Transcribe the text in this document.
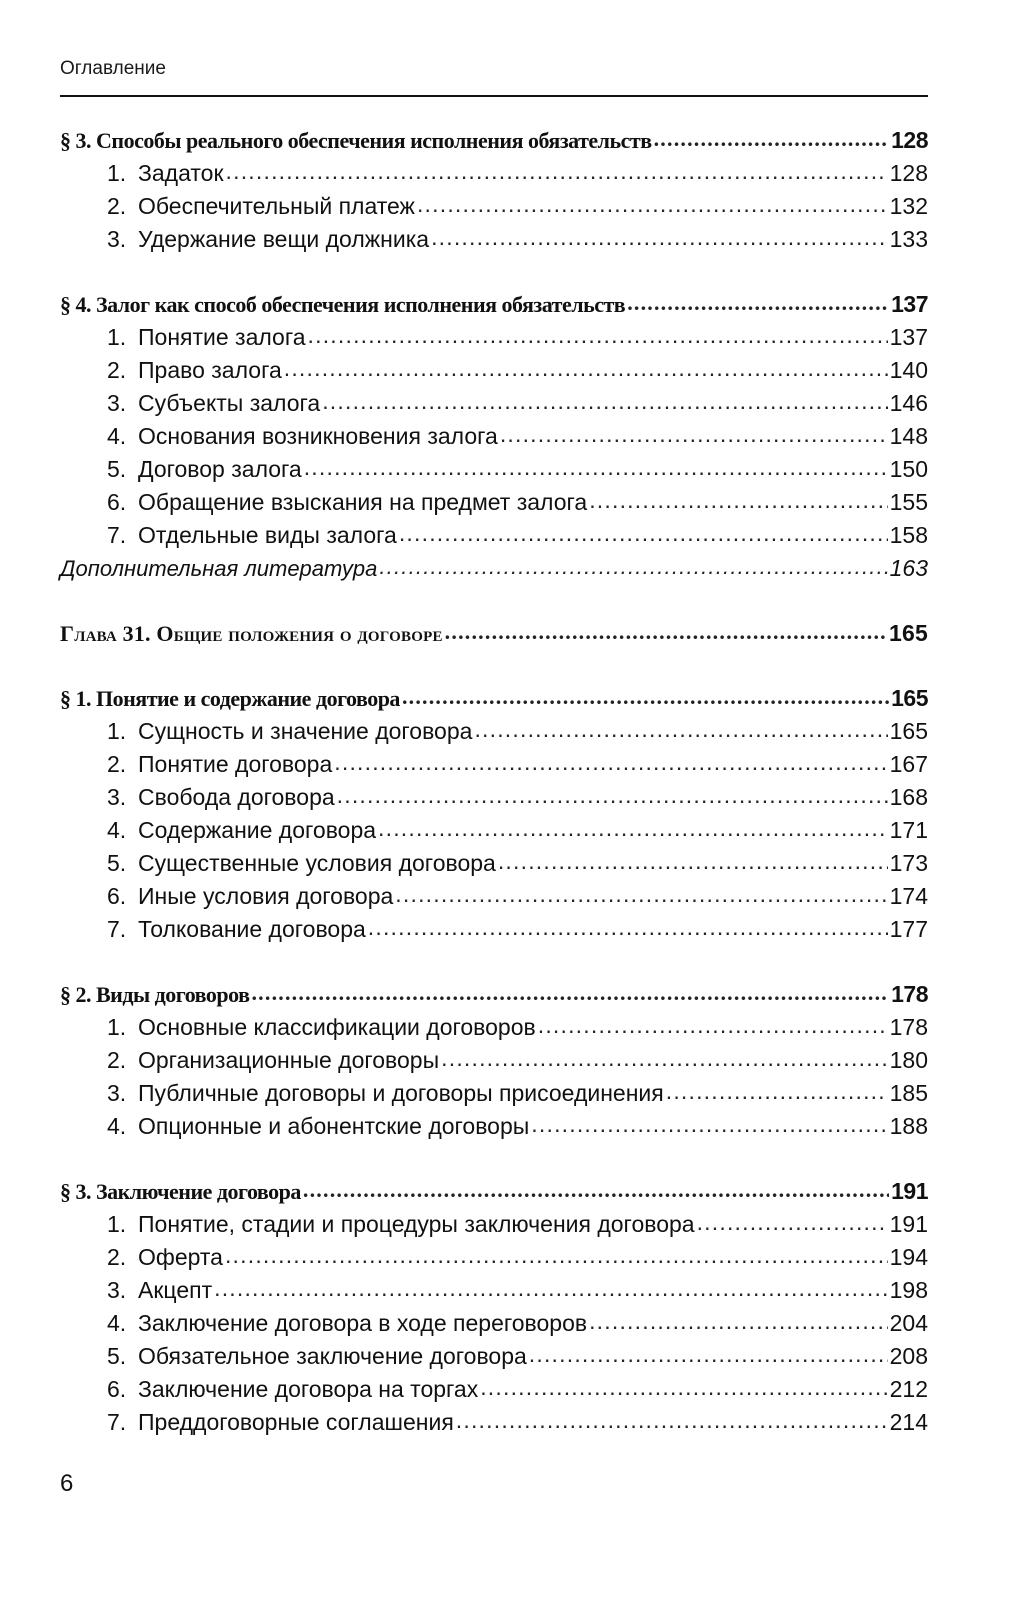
Оглавление
§ 3. Способы реального обеспечения исполнения обязательств .....	128
1. Задаток .....	128
2. Обеспечительный платеж .....	132
3. Удержание вещи должника .....	133
§ 4. Залог как способ обеспечения исполнения обязательств .....	137
1. Понятие залога .....	137
2. Право залога .....	140
3. Субъекты залога .....	146
4. Основания возникновения залога .....	148
5. Договор залога .....	150
6. Обращение взыскания на предмет залога .....	155
7. Отдельные виды залога .....	158
Дополнительная литература .....	163
Глава 31. Общие положения о договоре .....	165
§ 1. Понятие и содержание договора .....	165
1. Сущность и значение договора .....	165
2. Понятие договора .....	167
3. Свобода договора .....	168
4. Содержание договора .....	171
5. Существенные условия договора .....	173
6. Иные условия договора .....	174
7. Толкование договора .....	177
§ 2. Виды договоров .....	178
1. Основные классификации договоров .....	178
2. Организационные договоры .....	180
3. Публичные договоры и договоры присоединения .....	185
4. Опционные и абонентские договоры .....	188
§ 3. Заключение договора .....	191
1. Понятие, стадии и процедуры заключения договора .....	191
2. Оферта .....	194
3. Акцепт .....	198
4. Заключение договора в ходе переговоров .....	204
5. Обязательное заключение договора .....	208
6. Заключение договора на торгах .....	212
7. Преддоговорные соглашения .....	214
6
